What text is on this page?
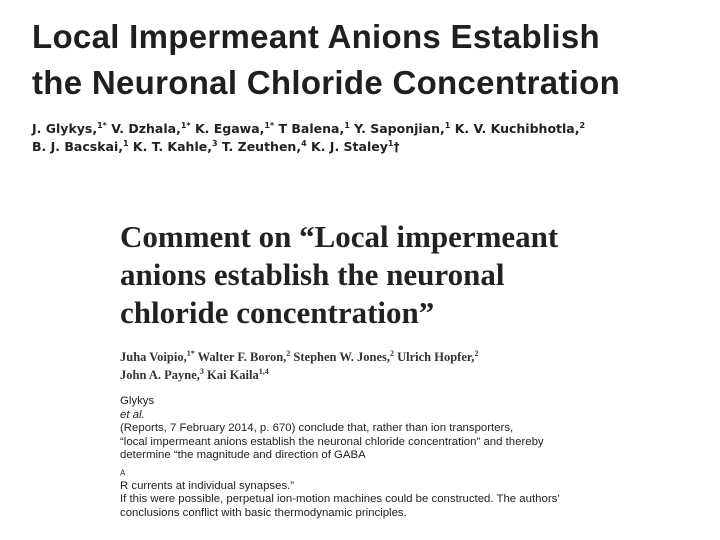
Local Impermeant Anions Establish
the Neuronal Chloride Concentration
J. Glykys,$^{1*}$ V. Dzhala,$^{1*}$ K. Egawa,$^{1*}$ T Balena,$^1$ Y. Saponjian,$^1$ K. V. Kuchibhotla,$^2$
B. J. Bacskai,$^1$ K. T. Kahle,$^3$ T. Zeuthen,$^4$ K. J. Staley$^1$†
Comment on “Local impermeant
anions establish the neuronal
chloride concentration”
Juha Voipio,$^{1*}$ Walter F. Boron,$^2$ Stephen W. Jones,$^2$ Ulrich Hopfer,$^2$
John A. Payne,$^3$ Kai Kaila$^{1,4}$
Glykys
et al.
(Reports, 7 February 2014, p. 670) conclude that, rather than ion transporters,
“local impermeant anions establish the neuronal chloride concentration” and thereby
determine “the magnitude and direction of GABA
$_A$
R currents at individual synapses.”
If this were possible, perpetual ion-motion machines could be constructed. The authors’
conclusions conflict with basic thermodynamic principles.
